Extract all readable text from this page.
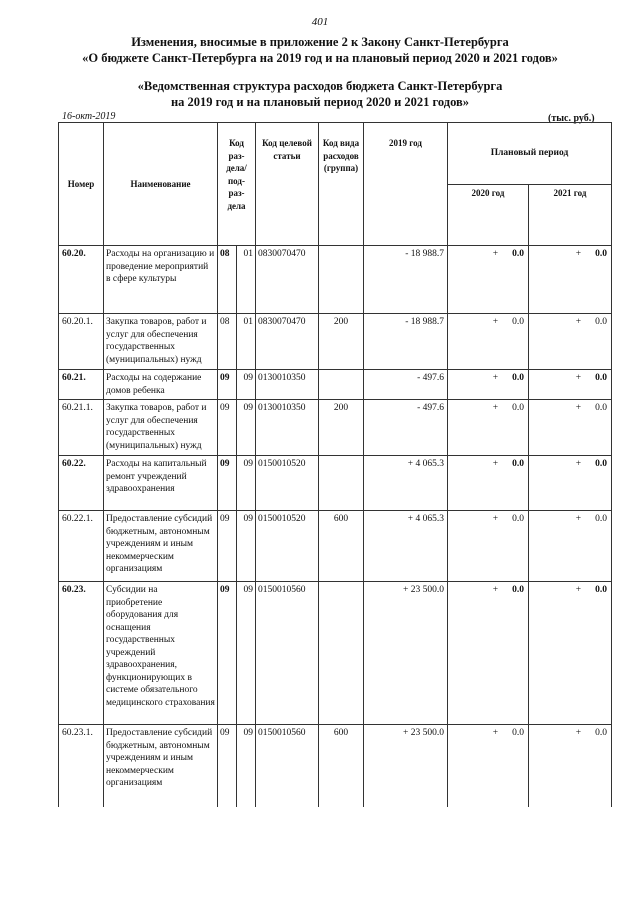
401
Изменения, вносимые в приложение 2 к Закону Санкт-Петербурга
«О бюджете Санкт-Петербурга на 2019 год и на плановый период 2020 и 2021 годов»
«Ведомственная структура расходов бюджета Санкт-Петербурга
на 2019 год и на плановый период 2020 и 2021 годов»
16-окт-2019	(тыс. руб.)
Номер	Наименование	Код раз- дела/ под- раз- дела		Код целевой статьи	Код вида расходов (группа)	2019 год	Плановый период	
							2020 год	2021 год
60.20.	Расходы на организацию и проведение мероприятий в сфере культуры	08	01	0830070470		- 18 988.7	+ 0.0	+ 0.0
60.20.1.	Закупка товаров, работ и услуг для обеспечения государственных (муниципальных) нужд	08	01	0830070470	200	- 18 988.7	+ 0.0	+ 0.0
60.21.	Расходы на содержание домов ребенка	09	09	0130010350		- 497.6	+ 0.0	+ 0.0
60.21.1.	Закупка товаров, работ и услуг для обеспечения государственных (муниципальных) нужд	09	09	0130010350	200	- 497.6	+ 0.0	+ 0.0
60.22.	Расходы на капитальный ремонт учреждений здравоохранения	09	09	0150010520		+ 4 065.3	+ 0.0	+ 0.0
60.22.1.	Предоставление субсидий бюджетным, автономным учреждениям и иным некоммерческим организациям	09	09	0150010520	600	+ 4 065.3	+ 0.0	+ 0.0
60.23.	Субсидии на приобретение оборудования для оснащения государственных учреждений здравоохранения, функционирующих в системе обязательного медицинского страхования	09	09	0150010560		+ 23 500.0	+ 0.0	+ 0.0
60.23.1.	Предоставление субсидий бюджетным, автономным учреждениям и иным некоммерческим организациям	09	09	0150010560	600	+ 23 500.0	+ 0.0	+ 0.0
